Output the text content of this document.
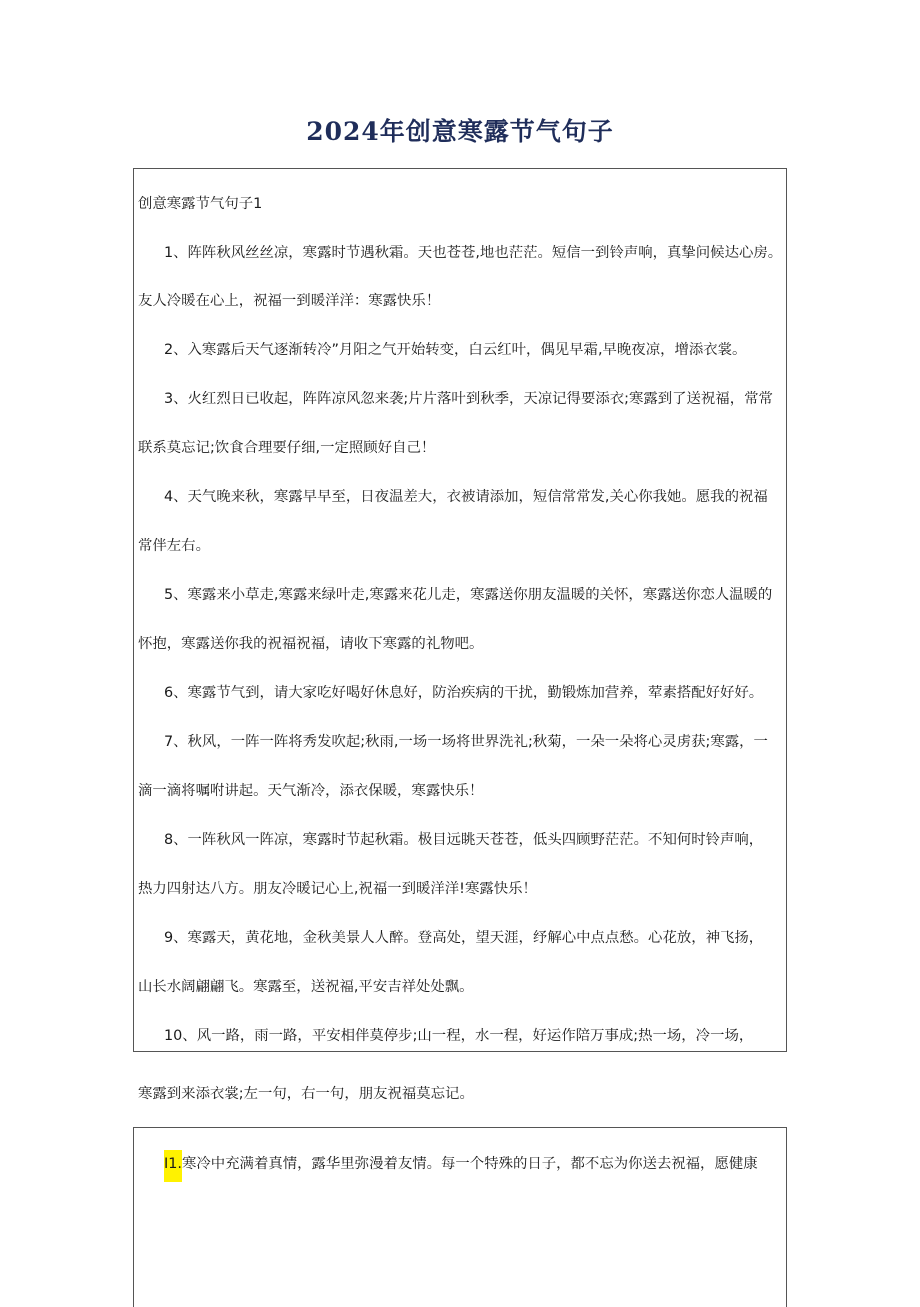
2024年创意寒露节气句子
创意寒露节气句子1
1、阵阵秋风丝丝凉，寒露时节遇秋霜。天也苍苍,地也茫茫。短信一到铃声响，真挚问候达心房。
友人冷暖在心上，祝福一到暖洋洋：寒露快乐！
2、入寒露后天气逐渐转冷”月阳之气开始转变，白云红叶，偶见早霜,早晚夜凉，增添衣裳。
3、火红烈日已收起，阵阵凉风忽来袭;片片落叶到秋季，天凉记得要添衣;寒露到了送祝福，常常
联系莫忘记;饮食合理要仔细,一定照顾好自己！
4、天气晚来秋，寒露早早至，日夜温差大，衣被请添加，短信常常发,关心你我她。愿我的祝福
常伴左右。
5、寒露来小草走,寒露来绿叶走,寒露来花儿走，寒露送你朋友温暖的关怀，寒露送你恋人温暖的
怀抱，寒露送你我的祝福祝福，请收下寒露的礼物吧。
6、寒露节气到，请大家吃好喝好休息好，防治疾病的干扰，勤锻炼加营养，荤素搭配好好好。
7、秋风，一阵一阵将秀发吹起;秋雨,一场一场将世界洗礼;秋菊，一朵一朵将心灵虏获;寒露，一
滴一滴将嘱咐讲起。天气渐冷，添衣保暖，寒露快乐！
8、一阵秋风一阵凉，寒露时节起秋霜。极目远眺天苍苍，低头四顾野茫茫。不知何时铃声响，
热力四射达八方。朋友冷暖记心上,祝福一到暖洋洋!寒露快乐！
9、寒露天，黄花地，金秋美景人人醉。登高处，望天涯，纾解心中点点愁。心花放，神飞扬，
山长水阔翩翩飞。寒露至，送祝福,平安吉祥处处飘。
10、风一路，雨一路，平安相伴莫停步;山一程，水一程，好运作陪万事成;热一场，冷一场，
寒露到来添衣裳;左一句，右一句，朋友祝福莫忘记。
I1.寒冷中充满着真情，露华里弥漫着友情。每一个特殊的日子，都不忘为你送去祝福，愿健康
